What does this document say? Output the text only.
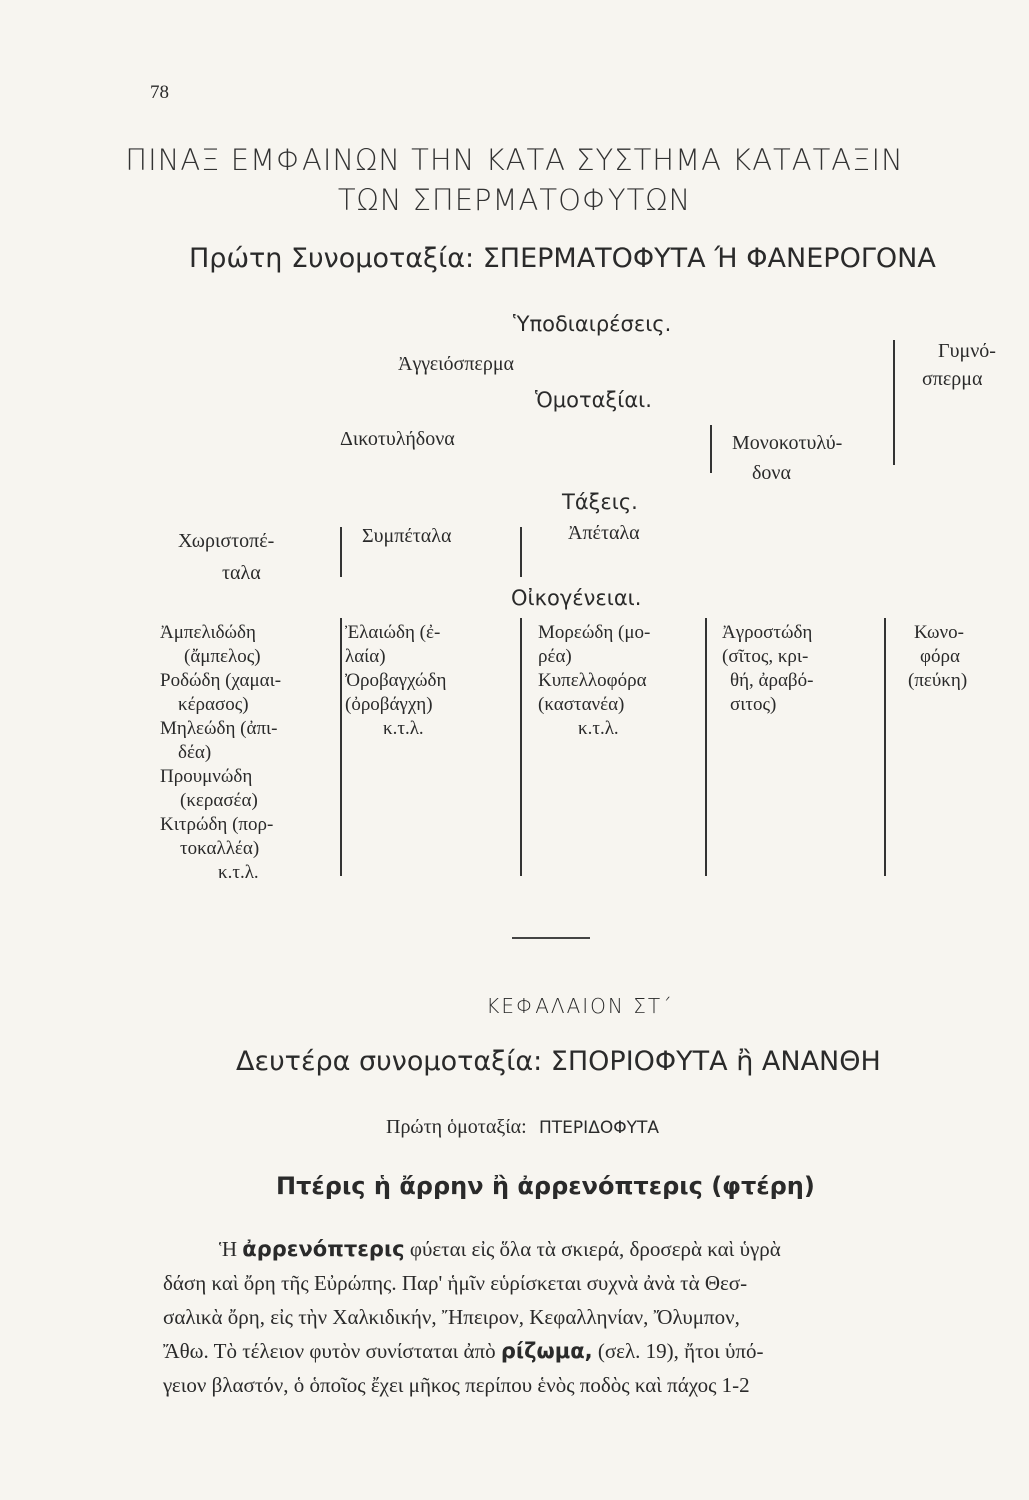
78
ΠΙΝΑΞ ΕΜΦΑΙΝΩΝ ΤΗΝ ΚΑΤΑ ΣΥΣΤΗΜΑ ΚΑΤΑΤΑΞΙΝ
ΤΩΝ ΣΠΕΡΜΑΤΟΦΥΤΩΝ
Πρώτη Συνομοταξία: ΣΠΕΡΜΑΤΟΦΥΤΑ Ή ΦΑΝΕΡΟΓΟΝΑ
Ὑποδιαιρέσεις.
Ἀγγειόσπερμα
Γυμνό-
σπερμα
Ὁμοταξίαι.
Δικοτυλήδονα	Μονοκοτυλύ-
δονα
Τάξεις.
Χωριστοπέ-
ταλα
Συμπέταλα	Ἀπέταλα
Οἰκογένειαι.
Ἀμπελιδώδη
(ἄμπελος)
Ροδώδη (χαμαι-
κέρασος)
Μηλεώδη (ἀπι-
δέα)
Προυμνώδη
(κερασέα)
Κιτρώδη (πορ-
τοκαλλέα)
κ.τ.λ.
Ἐλαιώδη (ἐ-
λαία)
Ὀροβαγχώδη
(ὀροβάγχη)
κ.τ.λ.
Μορεώδη (μο-
ρέα)
Κυπελλοφόρα
(καστανέα)
κ.τ.λ.
Ἀγροστώδη
(σῖτος, κρι-
θή, ἀραβό-
σιτος)
Κωνο-
φόρα
(πεύκη)
ΚΕΦΑΛΑΙΟΝ ΣΤ΄
Δευτέρα συνομοταξία: ΣΠΟΡΙΟΦΥΤΑ ἢ ΑΝΑΝΘΗ
Πρώτη ὁμοταξία: ΠΤΕΡΙΔΟΦΥΤΑ
Πτέρις ἡ ἄρρην ἢ ἀρρενόπτερις (φτέρη)
Ἡ ἀρρενόπτερις φύεται εἰς ὅλα τὰ σκιερά, δροσερὰ καὶ ὑγρὰ
δάση καὶ ὄρη τῆς Εὐρώπης. Παρ' ἡμῖν εὑρίσκεται συχνὰ ἀνὰ τὰ Θεσ-
σαλικὰ ὄρη, εἰς τὴν Χαλκιδικήν, Ἤπειρον, Κεφαλληνίαν, Ὄλυμπον,
Ἄθω. Τὸ τέλειον φυτὸν συνίσταται ἀπὸ ρίζωμα, (σελ. 19), ἤτοι ὑπό-
γειον βλαστόν, ὁ ὁποῖος ἔχει μῆκος περίπου ἑνὸς ποδὸς καὶ πάχος 1-2
